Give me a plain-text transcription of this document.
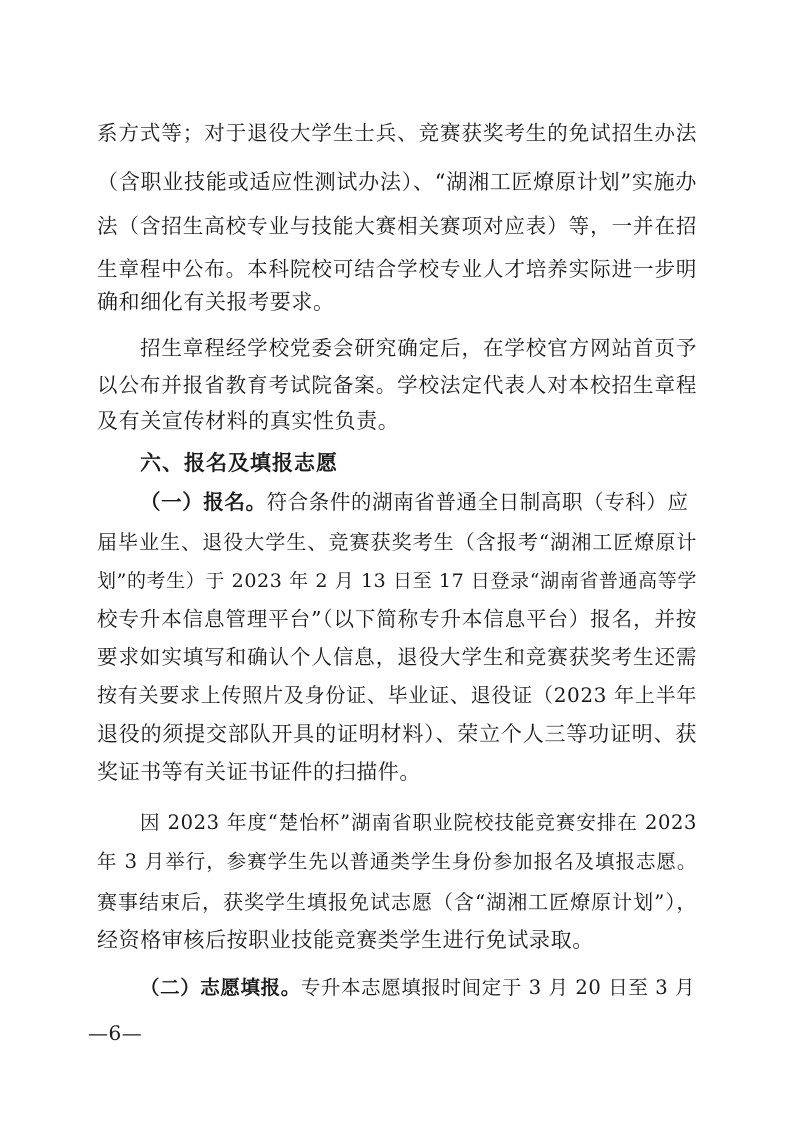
系方式等；对于退役大学生士兵、竞赛获奖考生的免试招生办法
（含职业技能或适应性测试办法）、“湖湘工匠燎原计划”实施办
法（含招生高校专业与技能大赛相关赛项对应表）等，一并在招
生章程中公布。本科院校可结合学校专业人才培养实际进一步明
确和细化有关报考要求。
招生章程经学校党委会研究确定后，在学校官方网站首页予
以公布并报省教育考试院备案。学校法定代表人对本校招生章程
及有关宣传材料的真实性负责。
六、报名及填报志愿
（一）报名。符合条件的湖南省普通全日制高职（专科）应
届毕业生、退役大学生、竞赛获奖考生（含报考“湖湘工匠燎原计
划”的考生）于 2023 年 2 月 13 日至 17 日登录“湖南省普通高等学
校专升本信息管理平台”（以下简称专升本信息平台）报名，并按
要求如实填写和确认个人信息，退役大学生和竞赛获奖考生还需
按有关要求上传照片及身份证、毕业证、退役证（2023 年上半年
退役的须提交部队开具的证明材料）、荣立个人三等功证明、获
奖证书等有关证书证件的扫描件。
因 2023 年度“楚怡杯”湖南省职业院校技能竞赛安排在 2023
年 3 月举行，参赛学生先以普通类学生身份参加报名及填报志愿。
赛事结束后，获奖学生填报免试志愿（含“湖湘工匠燎原计划”），
经资格审核后按职业技能竞赛类学生进行免试录取。
（二）志愿填报。专升本志愿填报时间定于 3 月 20 日至 3 月
—6—
